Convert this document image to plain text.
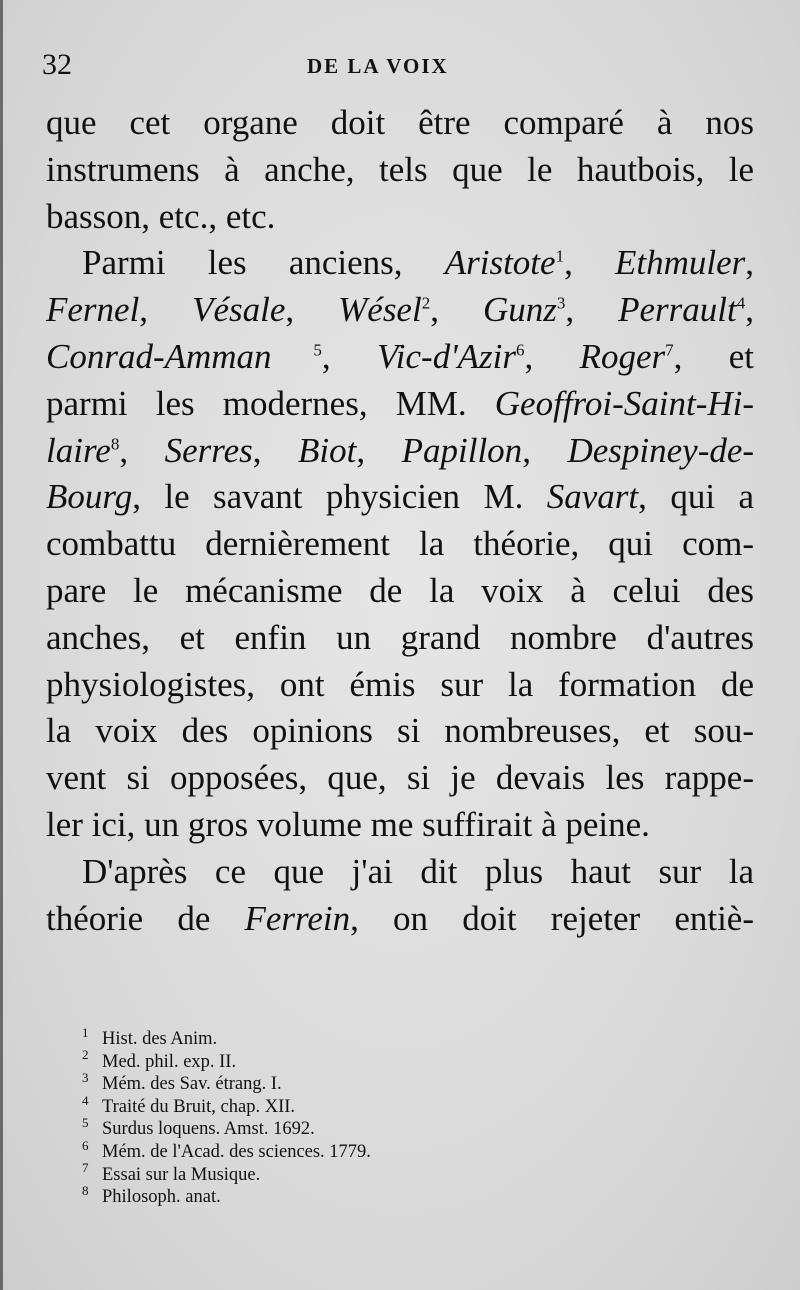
32	DE LA VOIX
que cet organe doit être comparé à nos
instrumens à anche, tels que le hautbois, le
basson, etc., etc.
Parmi les anciens, Aristote$^1$, Ethmuler,
Fernel, Vésale, Wésel$^2$, Gunz$^3$, Perrault$^4$,
Conrad-Amman $^5$, Vic-d'Azir$^6$, Roger$^7$, et
parmi les modernes, MM. Geoffroi-Saint-Hi-
laire$^8$, Serres, Biot, Papillon, Despiney-de-
Bourg, le savant physicien M. Savart, qui a
combattu dernièrement la théorie, qui com-
pare le mécanisme de la voix à celui des
anches, et enfin un grand nombre d'autres
physiologistes, ont émis sur la formation de
la voix des opinions si nombreuses, et sou-
vent si opposées, que, si je devais les rappe-
ler ici, un gros volume me suffirait à peine.
D'après ce que j'ai dit plus haut sur la
théorie de Ferrein, on doit rejeter entiè-
1 Hist. des Anim.
2 Med. phil. exp. II.
3 Mém. des Sav. étrang. I.
4 Traité du Bruit, chap. XII.
5 Surdus loquens. Amst. 1692.
6 Mém. de l'Acad. des sciences. 1779.
7 Essai sur la Musique.
8 Philosoph. anat.
